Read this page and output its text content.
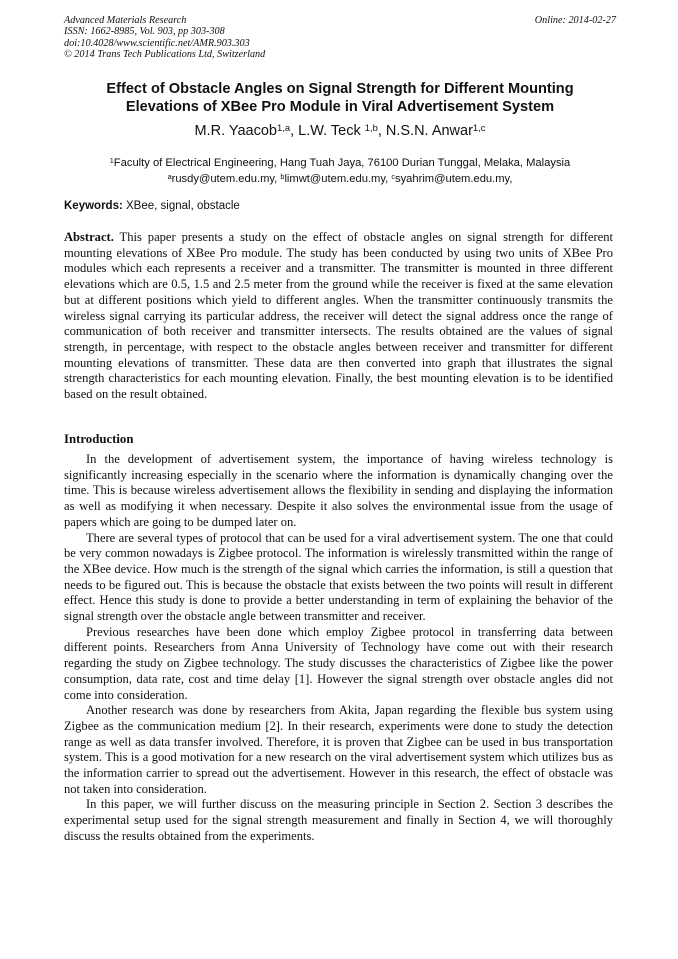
Advanced Materials Research
ISSN: 1662-8985, Vol. 903, pp 303-308
doi:10.4028/www.scientific.net/AMR.903.303
© 2014 Trans Tech Publications Ltd, Switzerland
Online: 2014-02-27
Effect of Obstacle Angles on Signal Strength for Different Mounting
Elevations of XBee Pro Module in Viral Advertisement System
M.R. Yaacob$^{1,a}$, L.W. Teck $^{1,b}$, N.S.N. Anwar$^{1,c}$
$^1$Faculty of Electrical Engineering, Hang Tuah Jaya, 76100 Durian Tunggal, Melaka, Malaysia
$^a$rusdy@utem.edu.my, $^b$limwt@utem.edu.my, $^c$syahrim@utem.edu.my,
Keywords: XBee, signal, obstacle

Abstract. This paper presents a study on the effect of obstacle angles on signal strength for different mounting elevations of XBee Pro module. The study has been conducted by using two units of XBee Pro modules which each represents a receiver and a transmitter. The transmitter is mounted in three different elevations which are 0.5, 1.5 and 2.5 meter from the ground while the receiver is fixed at the same elevation but at different positions which yield to different angles. When the transmitter continuously transmits the wireless signal carrying its particular address, the receiver will detect the signal address once the range of communication of both receiver and transmitter intersects. The results obtained are the values of signal strength, in percentage, with respect to the obstacle angles between receiver and transmitter for different mounting elevations of transmitter. These data are then converted into graph that illustrates the signal strength characteristics for each mounting elevation. Finally, the best mounting elevation is to be identified based on the result obtained.

Introduction

In the development of advertisement system, the importance of having wireless technology is significantly increasing especially in the scenario where the information is dynamically changing over the time. This is because wireless advertisement allows the flexibility in sending and displaying the information as well as modifying it when necessary. Despite it also solves the environmental issue from the usage of papers which are going to be dumped later on.

There are several types of protocol that can be used for a viral advertisement system. The one that could be very common nowadays is Zigbee protocol. The information is wirelessly transmitted within the range of the XBee device. How much is the strength of the signal which carries the information, is still a question that needs to be figured out. This is because the obstacle that exists between the two points will result in different effect. Hence this study is done to provide a better understanding in term of explaining the behavior of the signal strength over the obstacle angle between transmitter and receiver.

Previous researches have been done which employ Zigbee protocol in transferring data between different points. Researchers from Anna University of Technology have come out with their research regarding the study on Zigbee technology. The study discusses the characteristics of Zigbee like the power consumption, data rate, cost and time delay [1]. However the signal strength over obstacle angles did not come into consideration.

Another research was done by researchers from Akita, Japan regarding the flexible bus system using Zigbee as the communication medium [2]. In their research, experiments were done to study the detection range as well as data transfer involved. Therefore, it is proven that Zigbee can be used in bus transportation system. This is a good motivation for a new research on the viral advertisement system which utilizes bus as the information carrier to spread out the advertisement. However in this research, the effect of obstacle was not taken into consideration.

In this paper, we will further discuss on the measuring principle in Section 2. Section 3 describes the experimental setup used for the signal strength measurement and finally in Section 4, we will thoroughly discuss the results obtained from the experiments.
